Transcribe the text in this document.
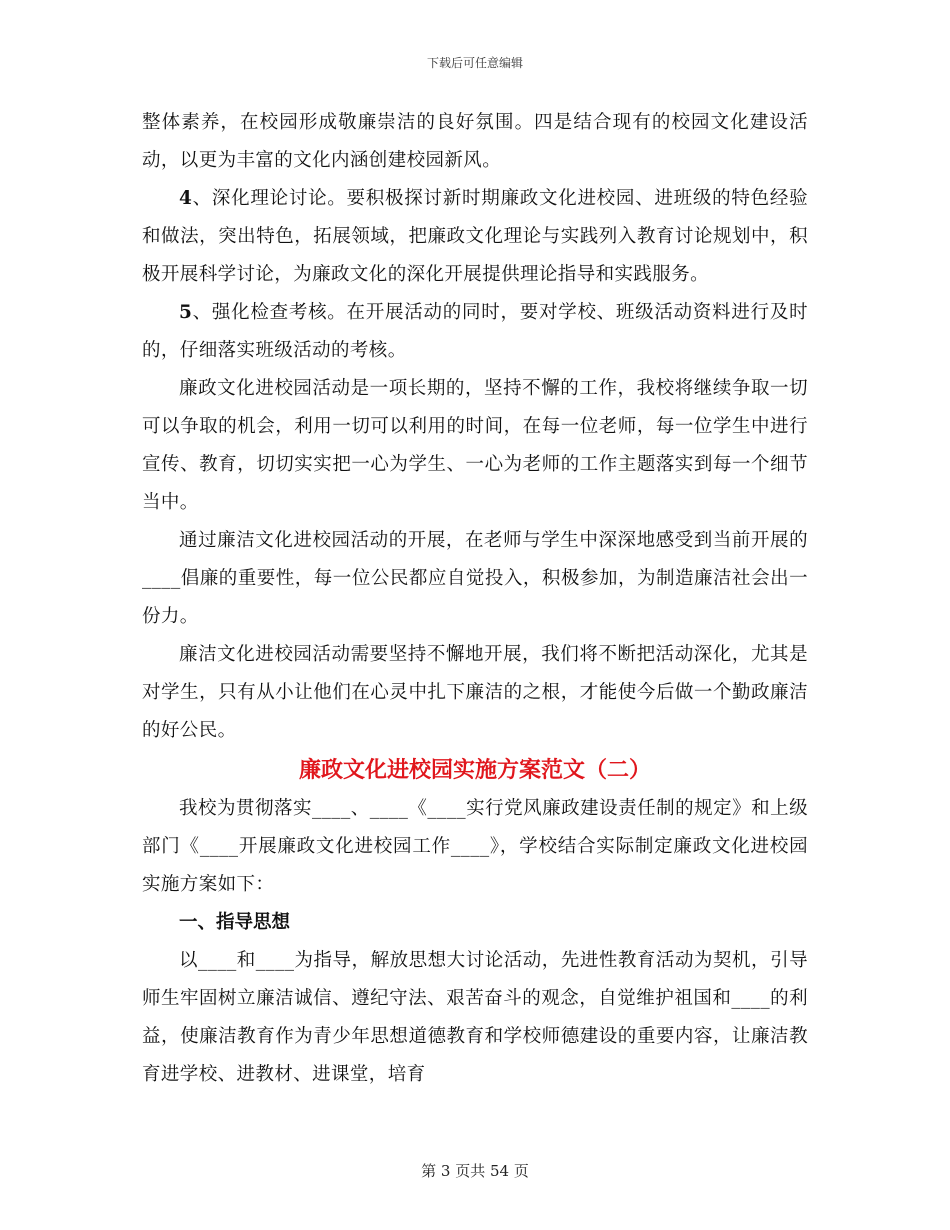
下载后可任意编辑

整体素养，在校园形成敬廉崇洁的良好氛围。四是结合现有的校园文化建设活动，以更为丰富的文化内涵创建校园新风。

4、深化理论讨论。要积极探讨新时期廉政文化进校园、进班级的特色经验和做法，突出特色，拓展领域，把廉政文化理论与实践列入教育讨论规划中，积极开展科学讨论，为廉政文化的深化开展提供理论指导和实践服务。

5、强化检查考核。在开展活动的同时，要对学校、班级活动资料进行及时的，仔细落实班级活动的考核。

廉政文化进校园活动是一项长期的，坚持不懈的工作，我校将继续争取一切可以争取的机会，利用一切可以利用的时间，在每一位老师，每一位学生中进行宣传、教育，切切实实把一心为学生、一心为老师的工作主题落实到每一个细节当中。

通过廉洁文化进校园活动的开展，在老师与学生中深深地感受到当前开展的____倡廉的重要性，每一位公民都应自觉投入，积极参加，为制造廉洁社会出一份力。

廉洁文化进校园活动需要坚持不懈地开展，我们将不断把活动深化，尤其是对学生，只有从小让他们在心灵中扎下廉洁的之根，才能使今后做一个勤政廉洁的好公民。

廉政文化进校园实施方案范文（二）

我校为贯彻落实____、____《____实行党风廉政建设责任制的规定》和上级部门《____开展廉政文化进校园工作____》，学校结合实际制定廉政文化进校园实施方案如下：

一、指导思想

以____和____为指导，解放思想大讨论活动，先进性教育活动为契机，引导师生牢固树立廉洁诚信、遵纪守法、艰苦奋斗的观念，自觉维护祖国和____的利益，使廉洁教育作为青少年思想道德教育和学校师德建设的重要内容，让廉洁教育进学校、进教材、进课堂，培育

第 3 页共 54 页
